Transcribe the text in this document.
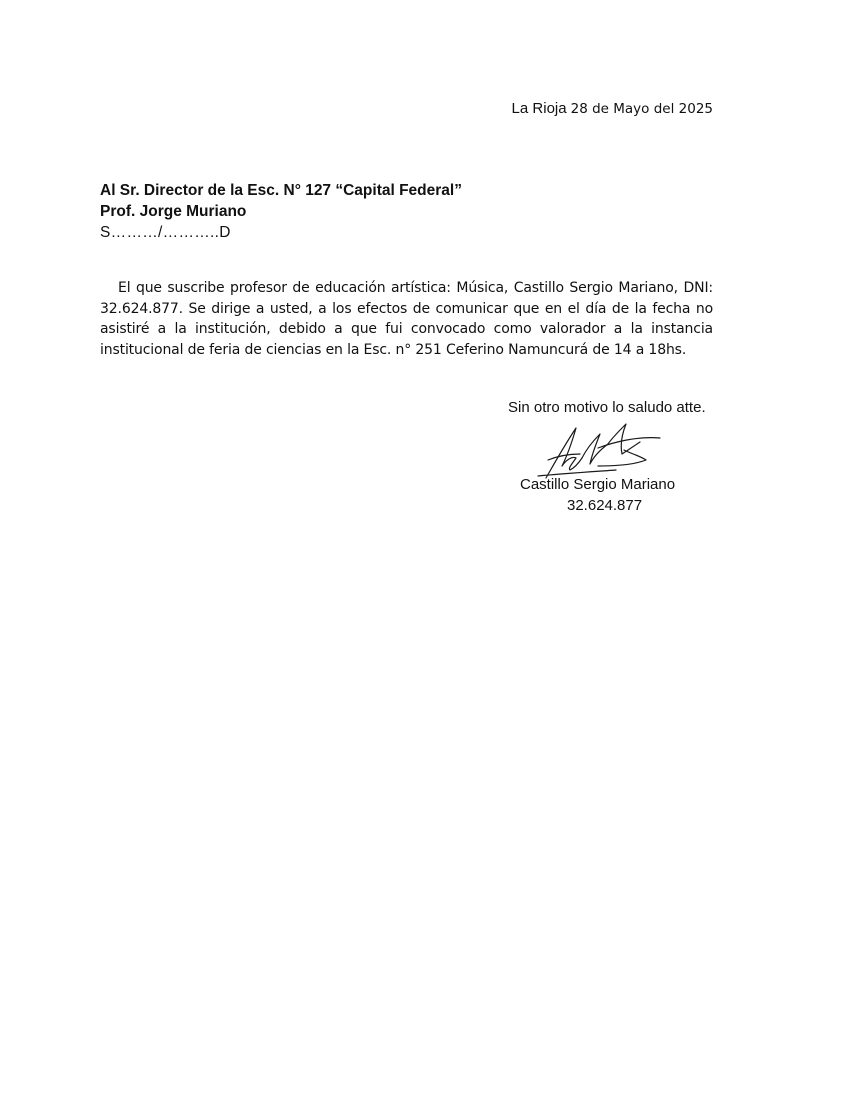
La Rioja 28 de Mayo del 2025
Al Sr. Director de la Esc. N° 127 “Capital Federal”
Prof. Jorge Muriano
S………/………..D
El que suscribe profesor de educación artística: Música, Castillo Sergio Mariano, DNI: 32.624.877. Se dirige a usted, a los efectos de comunicar que en el día de la fecha no asistiré a la institución, debido a que fui convocado como valorador a la instancia institucional de feria de ciencias en la Esc. n° 251 Ceferino Namuncurá de 14 a 18hs.
Sin otro motivo lo saludo atte.
Castillo Sergio Mariano
32.624.877
